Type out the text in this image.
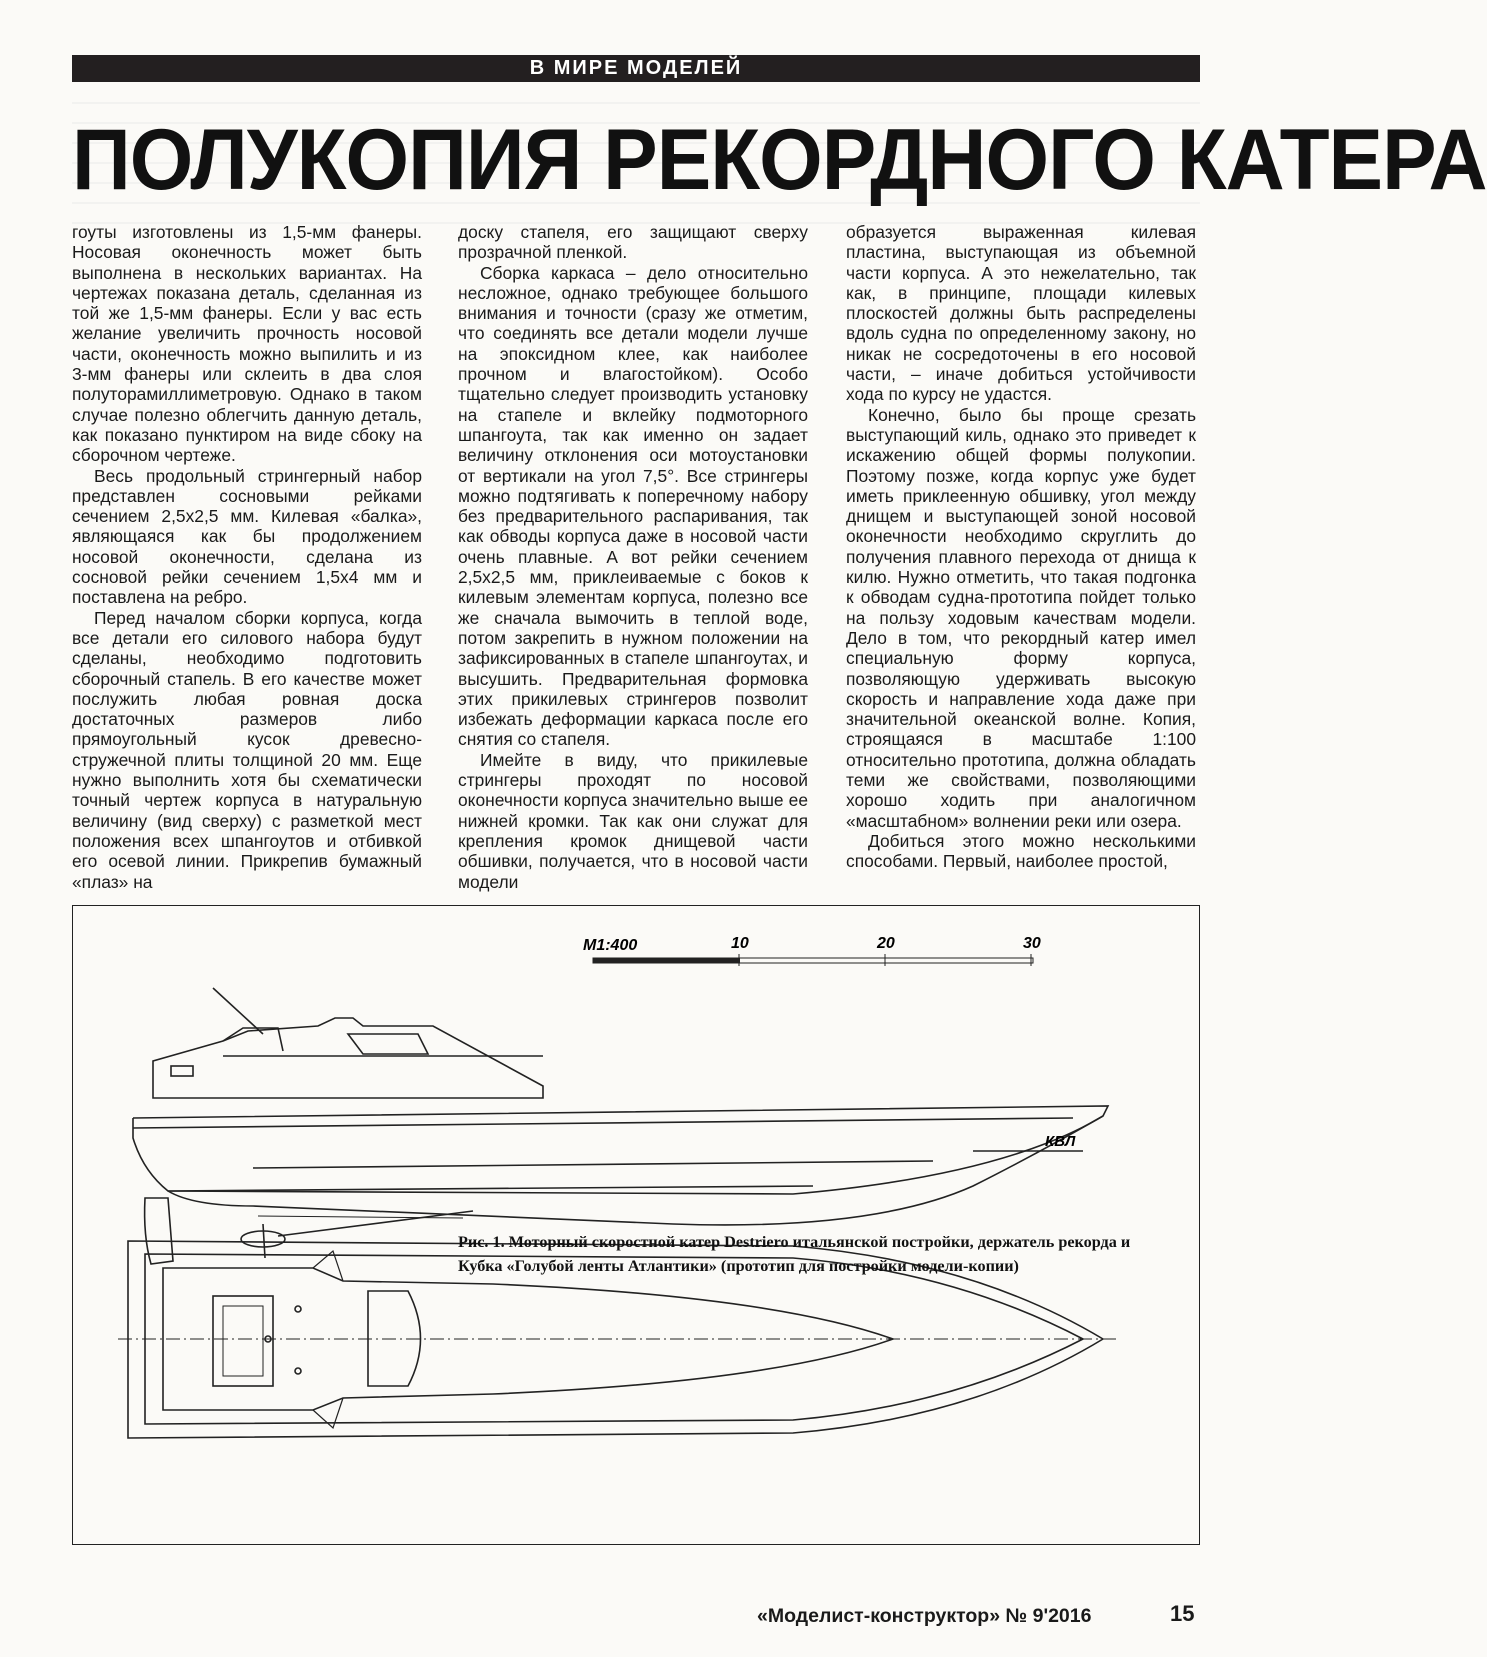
В МИРЕ МОДЕЛЕЙ
ПОЛУКОПИЯ РЕКОРДНОГО КАТЕРА

гоуты изготовлены из 1,5-мм фанеры. Носовая оконечность может быть выполнена в нескольких вариантах. На чертежах показана деталь, сделанная из той же 1,5-мм фанеры. Если у вас есть желание увеличить прочность носовой части, оконечность можно выпилить и из 3-мм фанеры или склеить в два слоя полуторамиллиметровую. Однако в таком случае полезно облегчить данную деталь, как показано пунктиром на виде сбоку на сборочном чертеже.

Весь продольный стрингерный набор представлен сосновыми рейками сечением 2,5х2,5 мм. Килевая «балка», являющаяся как бы продолжением носовой оконечности, сделана из сосновой рейки сечением 1,5х4 мм и поставлена на ребро.

Перед началом сборки корпуса, когда все детали его силового набора будут сделаны, необходимо подготовить сборочный стапель. В его качестве может послужить любая ровная доска достаточных размеров либо прямоугольный кусок древесно-стружечной плиты толщиной 20 мм. Еще нужно выполнить хотя бы схематически точный чертеж корпуса в натуральную величину (вид сверху) с разметкой мест положения всех шпангоутов и отбивкой его осевой линии. Прикрепив бумажный «плаз» на

доску стапеля, его защищают сверху прозрачной пленкой.

Сборка каркаса – дело относительно несложное, однако требующее большого внимания и точности (сразу же отметим, что соединять все детали модели лучше на эпоксидном клее, как наиболее прочном и влагостойком). Особо тщательно следует производить установку на стапеле и вклейку подмоторного шпангоута, так как именно он задает величину отклонения оси мотоустановки от вертикали на угол 7,5°. Все стрингеры можно подтягивать к поперечному набору без предварительного распаривания, так как обводы корпуса даже в носовой части очень плавные. А вот рейки сечением 2,5х2,5 мм, приклеиваемые с боков к килевым элементам корпуса, полезно все же сначала вымочить в теплой воде, потом закрепить в нужном положении на зафиксированных в стапеле шпангоутах, и высушить. Предварительная формовка этих прикилевых стрингеров позволит избежать деформации каркаса после его снятия со стапеля.

Имейте в виду, что прикилевые стрингеры проходят по носовой оконечности корпуса значительно выше ее нижней кромки. Так как они служат для крепления кромок днищевой части обшивки, получается, что в носовой части модели

образуется выраженная килевая пластина, выступающая из объемной части корпуса. А это нежелательно, так как, в принципе, площади килевых плоскостей должны быть распределены вдоль судна по определенному закону, но никак не сосредоточены в его носовой части, – иначе добиться устойчивости хода по курсу не удастся.

Конечно, было бы проще срезать выступающий киль, однако это приведет к искажению общей формы полукопии. Поэтому позже, когда корпус уже будет иметь приклеенную обшивку, угол между днищем и выступающей зоной носовой оконечности необходимо скруглить до получения плавного перехода от днища к килю. Нужно отметить, что такая подгонка к обводам судна-прототипа пойдет только на пользу ходовым качествам модели. Дело в том, что рекордный катер имел специальную форму корпуса, позволяющую удерживать высокую скорость и направление хода даже при значительной океанской волне. Копия, строящаяся в масштабе 1:100 относительно прототипа, должна обладать теми же свойствами, позволяющими хорошо ходить при аналогичном «масштабном» волнении реки или озера.

Добиться этого можно несколькими способами. Первый, наиболее простой,

М1:400	10	20	30
КВЛ
Рис. 1. Моторный скоростной катер Destriero итальянской постройки, держатель рекорда и Кубка «Голубой ленты Атлантики» (прототип для постройки модели-копии)
«Моделист-конструктор» № 9'2016	15
